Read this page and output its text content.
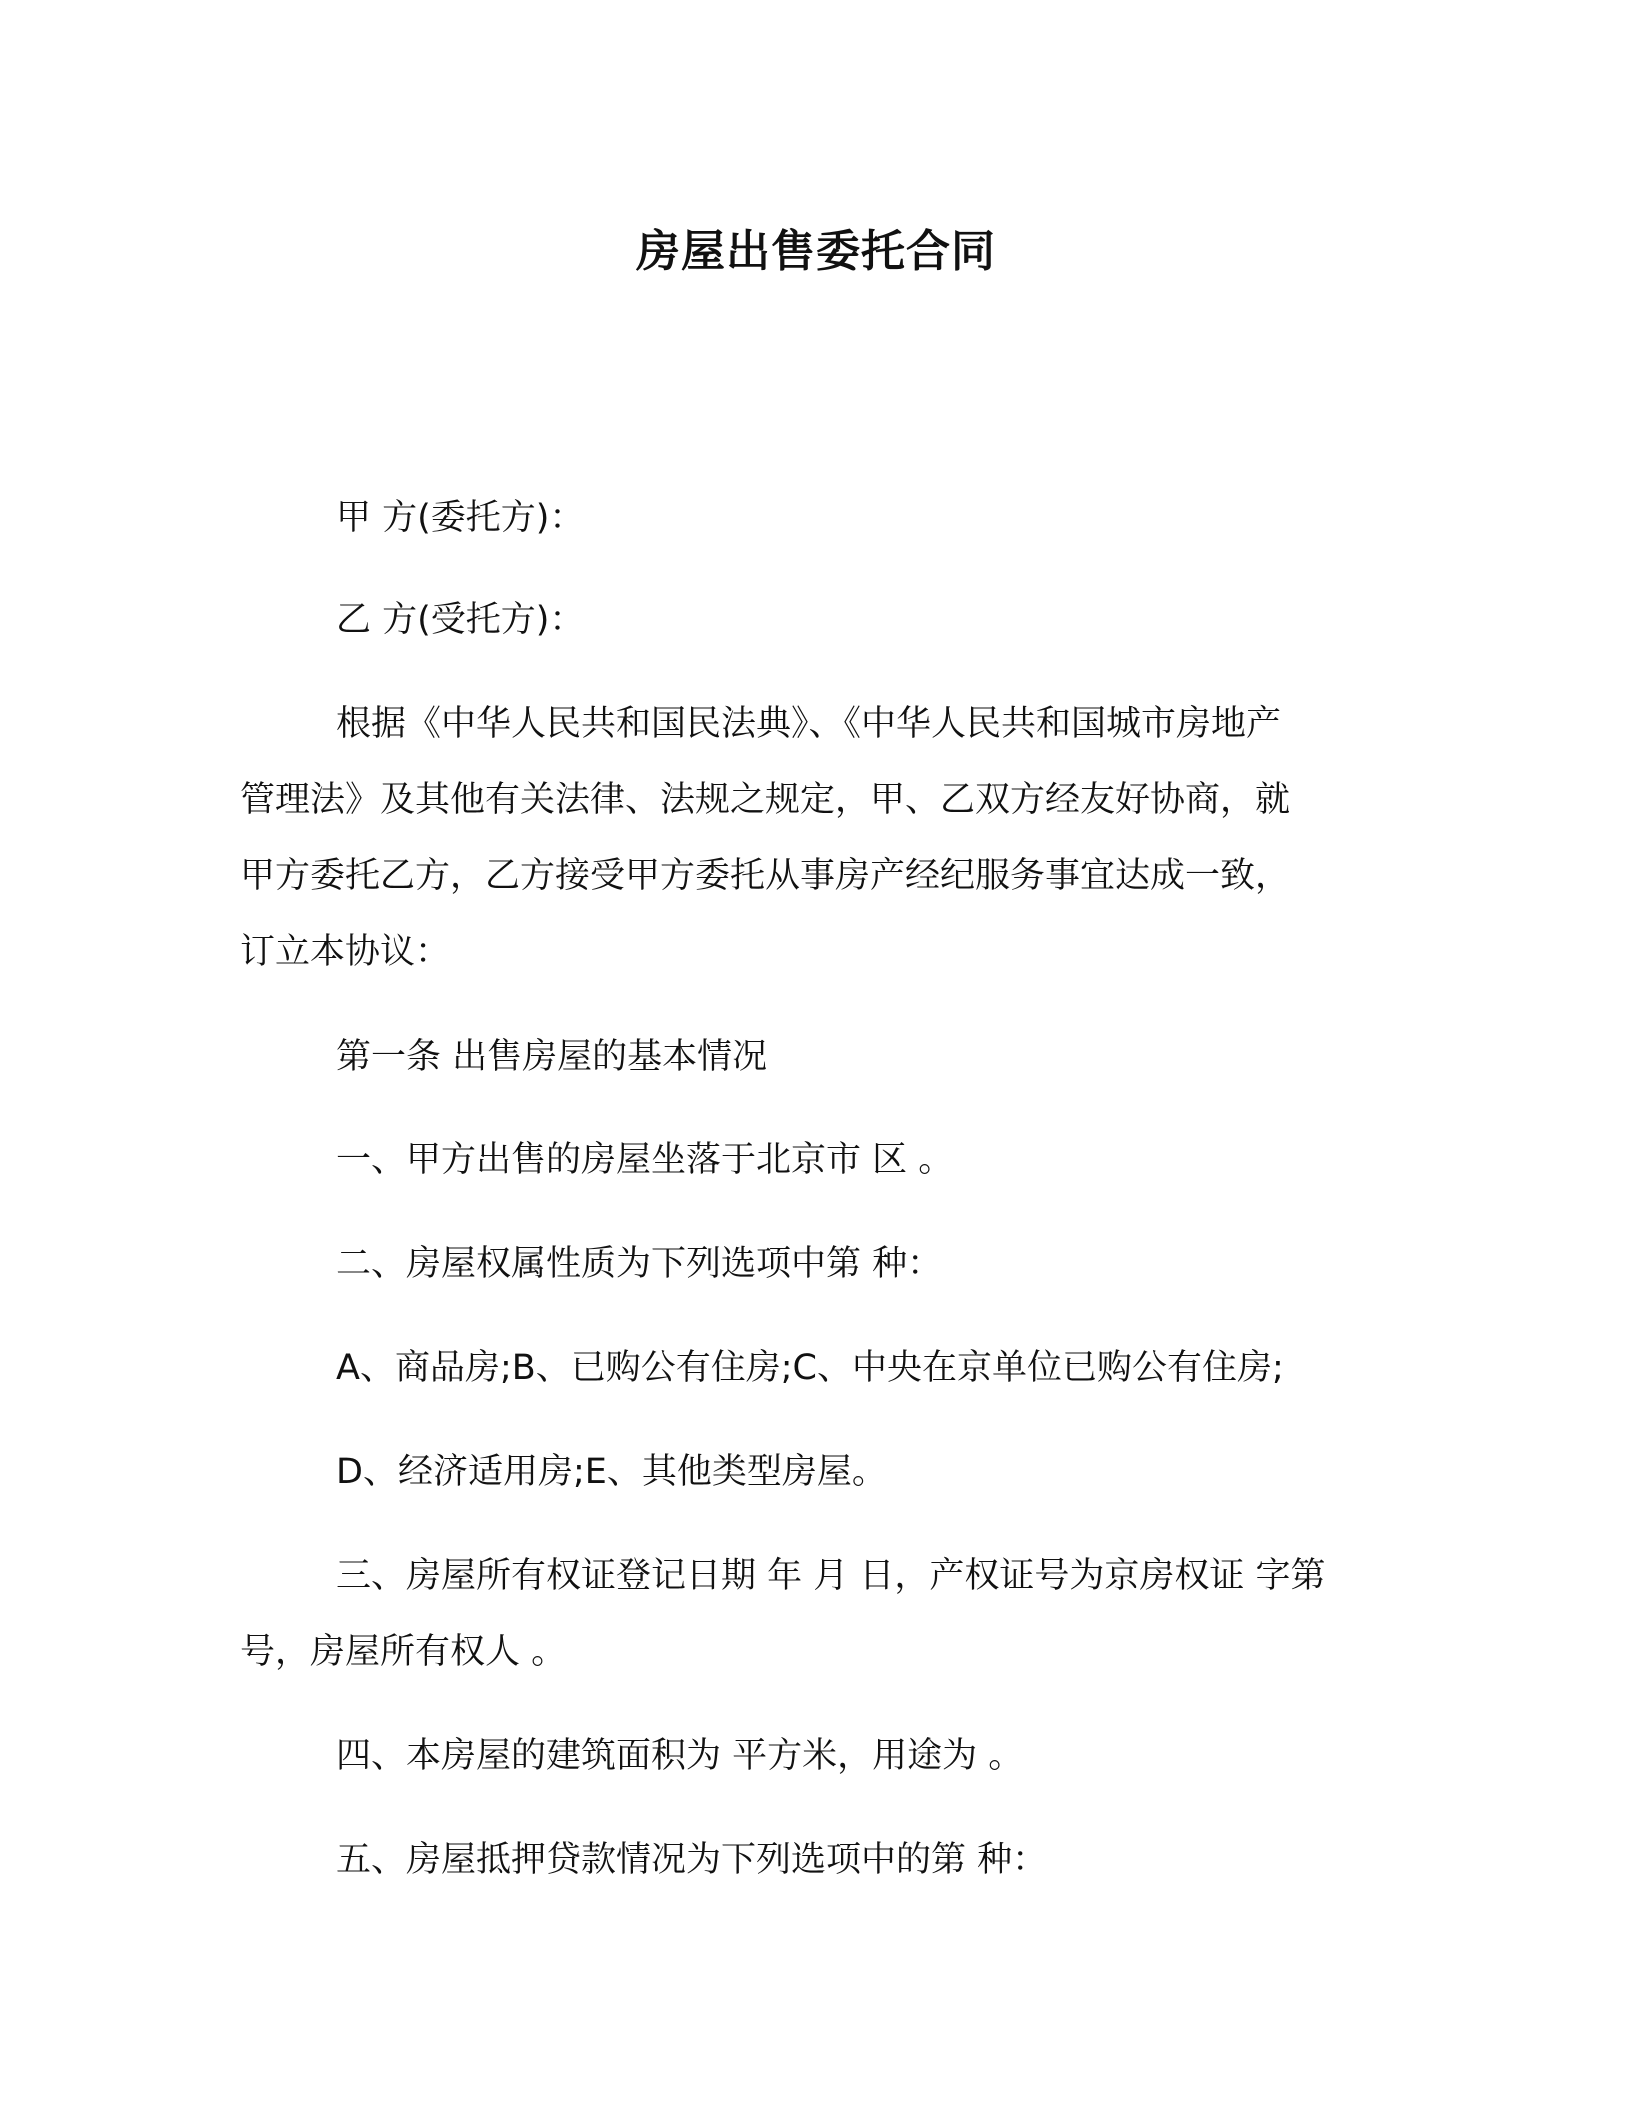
房屋出售委托合同
甲 方(委托方)：
乙 方(受托方)：
根据《中华人民共和国民法典》、《中华人民共和国城市房地产
管理法》及其他有关法律、法规之规定，甲、乙双方经友好协商，就
甲方委托乙方，乙方接受甲方委托从事房产经纪服务事宜达成一致，
订立本协议：
第一条 出售房屋的基本情况
一、甲方出售的房屋坐落于北京市 区 。
二、房屋权属性质为下列选项中第 种：
A、商品房;B、已购公有住房;C、中央在京单位已购公有住房;
D、经济适用房;E、其他类型房屋。
三、房屋所有权证登记日期 年 月 日，产权证号为京房权证 字第
号，房屋所有权人 。
四、本房屋的建筑面积为 平方米，用途为 。
五、房屋抵押贷款情况为下列选项中的第 种：
